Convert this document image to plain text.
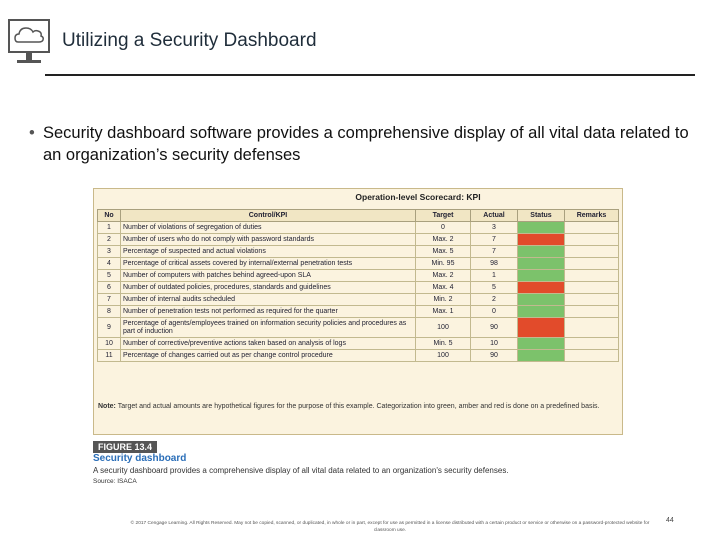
Utilizing a Security Dashboard
• Security dashboard software provides a comprehensive display of all vital data related to an organization’s security defenses
Operation-level Scorecard: KPI
No	Control/KPI	Target	Actual	Status	Remarks
1	Number of violations of segregation of duties	0	3		
2	Number of users who do not comply with password standards	Max. 2	7		
3	Percentage of suspected and actual violations	Max. 5	7		
4	Percentage of critical assets covered by internal/external penetration tests	Min. 95	98		
5	Number of computers with patches behind agreed-upon SLA	Max. 2	1		
6	Number of outdated policies, procedures, standards and guidelines	Max. 4	5		
7	Number of internal audits scheduled	Min. 2	2		
8	Number of penetration tests not performed as required for the quarter	Max. 1	0		
9	Percentage of agents/employees trained on information security policies and procedures as part of induction	100	90		
10	Number of corrective/preventive actions taken based on analysis of logs	Min. 5	10		
11	Percentage of changes carried out as per change control procedure	100	90		
Note: Target and actual amounts are hypothetical figures for the purpose of this example. Categorization into green, amber and red is done on a predefined basis.
FIGURE 13.4
Security dashboard
A security dashboard provides a comprehensive display of all vital data related to an organization's security defenses.
Source: ISACA
© 2017 Cengage Learning. All Rights Reserved. May not be copied, scanned, or duplicated, in whole or in part, except for use as permitted in a license distributed with a certain product or service or otherwise on a password-protected website for classroom use.
44
